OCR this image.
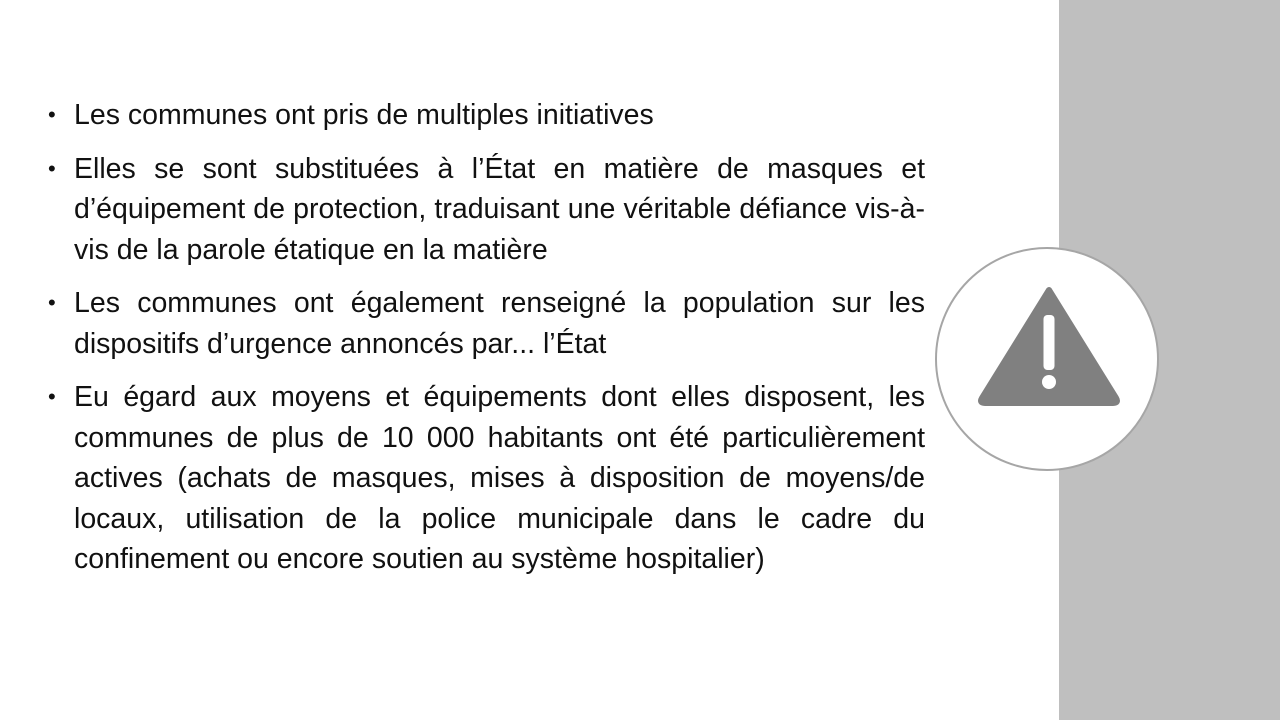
• Les communes ont pris de multiples initiatives
• Elles se sont substituées à l’État en matière de masques et d’équipement de protection, traduisant une véritable défiance vis-à-vis de la parole étatique en la matière
• Les communes ont également renseigné la population sur les dispositifs d’urgence annoncés par... l’État
• Eu égard aux moyens et équipements dont elles disposent, les communes de plus de 10 000 habitants ont été particulièrement actives (achats de masques, mises à disposition de moyens/de locaux, utilisation de la police municipale dans le cadre du confinement ou encore soutien au système hospitalier)
